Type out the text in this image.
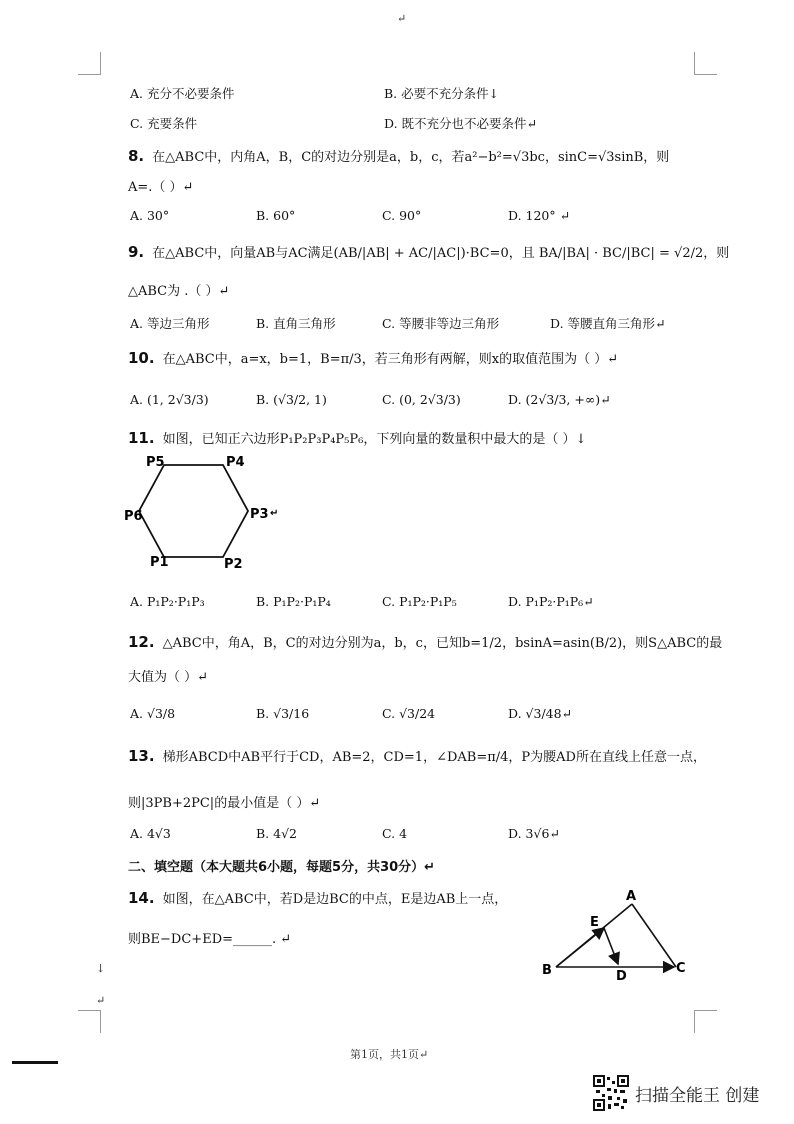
↵
A. 充分不必要条件	B. 必要不充分条件↓
C. 充要条件	D. 既不充分也不必要条件↵
8. 在△ABC中，内角A，B，C的对边分别是a，b，c，若a²−b²=√3bc，sinC=√3sinB，则
A=.（ ）↵
A. 30°	B. 60°	C. 90°	D. 120° ↵
9. 在△ABC中，向量AB与AC满足(AB/|AB| + AC/|AC|)·BC=0，且 BA/|BA| · BC/|BC| = √2/2，则
△ABC为 .（ ）↵
A. 等边三角形	B. 直角三角形	C. 等腰非等边三角形	D. 等腰直角三角形↵
10. 在△ABC中，a=x，b=1，B=π/3，若三角形有两解，则x的取值范围为（ ）↵
A. (1, 2√3/3)	B. (√3/2, 1)	C. (0, 2√3/3)	D. (2√3/3, +∞)↵
11. 如图，已知正六边形P₁P₂P₃P₄P₅P₆，下列向量的数量积中最大的是（ ）↓
P1	P2
P3
P4
P5
P6	↵
A. P₁P₂·P₁P₃	B. P₁P₂·P₁P₄	C. P₁P₂·P₁P₅	D. P₁P₂·P₁P₆↵
12. △ABC中，角A，B，C的对边分别为a，b，c，已知b=1/2，bsinA=asin(B/2)，则S△ABC的最
大值为（ ）↵
A. √3/8	B. √3/16	C. √3/24	D. √3/48↵
13. 梯形ABCD中AB平行于CD，AB=2，CD=1，∠DAB=π/4，P为腰AD所在直线上任意一点，
则|3PB+2PC|的最小值是（ ）↵
A. 4√3	B. 4√2	C. 4	D. 3√6↵
二、填空题（本大题共6小题，每题5分，共30分）↵
14. 如图，在△ABC中，若D是边BC的中点，E是边AB上一点，
则BE−DC+ED=______. ↵
A
B	C
D
E
↓
↵
第1页，共1页↵
扫描全能王 创建
